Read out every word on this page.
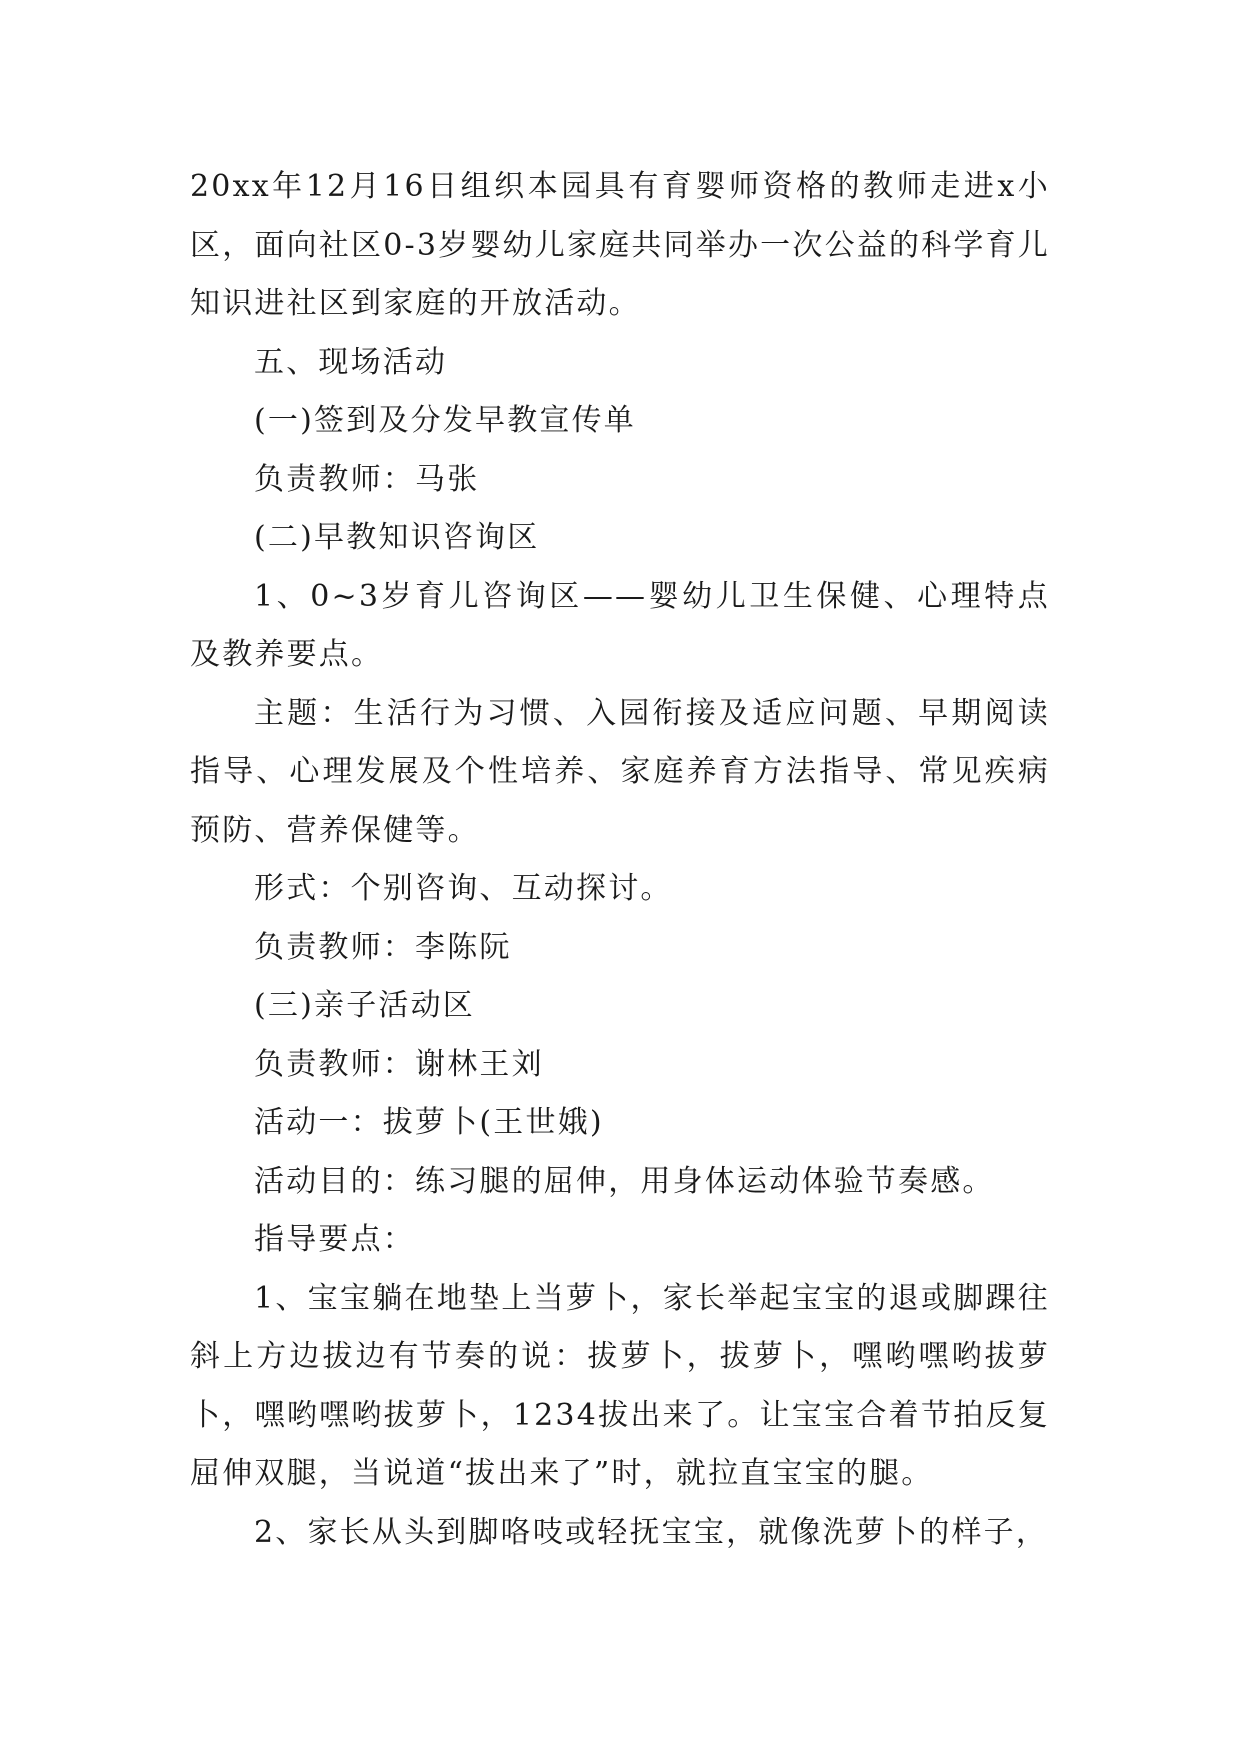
20xx年12月16日组织本园具有育婴师资格的教师走进x小区，面向社区0-3岁婴幼儿家庭共同举办一次公益的科学育儿知识进社区到家庭的开放活动。

五、现场活动

(一)签到及分发早教宣传单

负责教师：马张

(二)早教知识咨询区

1、0~3岁育儿咨询区——婴幼儿卫生保健、心理特点及教养要点。

主题：生活行为习惯、入园衔接及适应问题、早期阅读指导、心理发展及个性培养、家庭养育方法指导、常见疾病预防、营养保健等。

形式：个别咨询、互动探讨。

负责教师：李陈阮

(三)亲子活动区

负责教师：谢林王刘

活动一：拔萝卜(王世娥)

活动目的：练习腿的屈伸，用身体运动体验节奏感。

指导要点：

1、宝宝躺在地垫上当萝卜，家长举起宝宝的退或脚踝往斜上方边拔边有节奏的说：拔萝卜，拔萝卜，嘿哟嘿哟拔萝卜，嘿哟嘿哟拔萝卜，1234拔出来了。让宝宝合着节拍反复屈伸双腿，当说道“拔出来了”时，就拉直宝宝的腿。

2、家长从头到脚咯吱或轻抚宝宝，就像洗萝卜的样子，
